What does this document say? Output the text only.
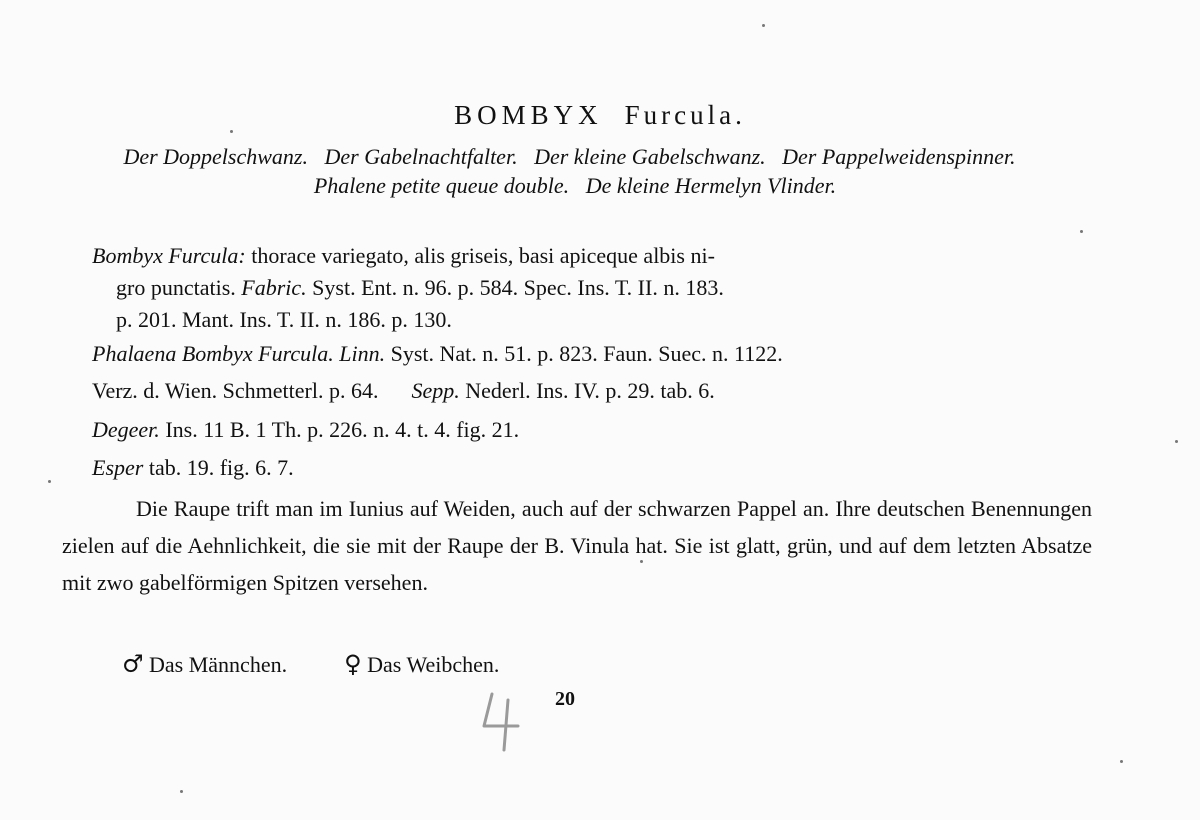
BOMBYX Furcula.
Der Doppelschwanz. Der Gabelnachtfalter. Der kleine Gabelschwanz. Der Pappelweidenspinner.   Phalene petite queue double. De kleine Hermelyn Vlinder.
Bombyx Furcula: thorace variegato, alis griseis, basi apiceque albis ni-
gro punctatis. Fabric. Syst. Ent. n. 96. p. 584. Spec. Ins. T. II. n. 183.
p. 201. Mant. Ins. T. II. n. 186. p. 130.
Phalaena Bombyx Furcula. Linn. Syst. Nat. n. 51. p. 823. Faun. Suec. n. 1122.
Verz. d. Wien. Schmetterl. p. 64. Sepp. Nederl. Ins. IV. p. 29. tab. 6.
Degeer. Ins. 11 B. 1 Th. p. 226. n. 4. t. 4. fig. 21.
Esper tab. 19. fig. 6. 7.
Die Raupe trift man im Iunius auf Weiden, auch auf der schwarzen Pappel an. Ihre deutschen Benennungen zielen auf die Aehnlichkeit, die sie mit der Raupe der B. Vinula hat. Sie ist glatt, grün, und auf dem letzten Absatze mit zwo gabelförmigen Spitzen versehen.
♂ Das Männchen. ♀ Das Weibchen.
20
